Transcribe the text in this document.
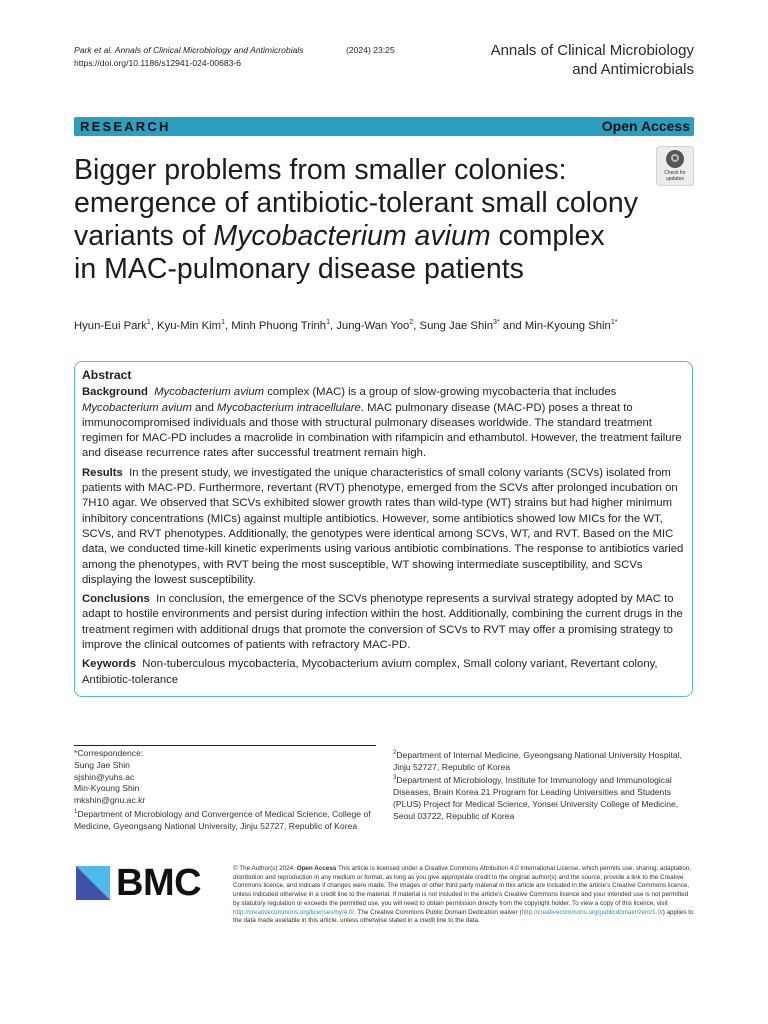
Park et al. Annals of Clinical Microbiology and Antimicrobials	(2024) 23:25
https://doi.org/10.1186/s12941-024-00683-6
Annals of Clinical Microbiology
and Antimicrobials
RESEARCH	Open Access
Check for
updates
Bigger problems from smaller colonies:
emergence of antibiotic-tolerant small colony
variants of Mycobacterium avium complex
in MAC-pulmonary disease patients
Hyun-Eui Park$^1$, Kyu-Min Kim$^1$, Minh Phuong Trinh$^1$, Jung-Wan Yoo$^2$, Sung Jae Shin$^{3*}$ and Min-Kyoung Shin$^{1*}$
Abstract

Background Mycobacterium avium complex (MAC) is a group of slow-growing mycobacteria that includes Mycobacterium avium and Mycobacterium intracellulare. MAC pulmonary disease (MAC-PD) poses a threat to immunocompromised individuals and those with structural pulmonary diseases worldwide. The standard treatment regimen for MAC-PD includes a macrolide in combination with rifampicin and ethambutol. However, the treatment failure and disease recurrence rates after successful treatment remain high.

Results In the present study, we investigated the unique characteristics of small colony variants (SCVs) isolated from patients with MAC-PD. Furthermore, revertant (RVT) phenotype, emerged from the SCVs after prolonged incubation on 7H10 agar. We observed that SCVs exhibited slower growth rates than wild-type (WT) strains but had higher minimum inhibitory concentrations (MICs) against multiple antibiotics. However, some antibiotics showed low MICs for the WT, SCVs, and RVT phenotypes. Additionally, the genotypes were identical among SCVs, WT, and RVT. Based on the MIC data, we conducted time-kill kinetic experiments using various antibiotic combinations. The response to antibiotics varied among the phenotypes, with RVT being the most susceptible, WT showing intermediate susceptibility, and SCVs displaying the lowest susceptibility.

Conclusions In conclusion, the emergence of the SCVs phenotype represents a survival strategy adopted by MAC to adapt to hostile environments and persist during infection within the host. Additionally, combining the current drugs in the treatment regimen with additional drugs that promote the conversion of SCVs to RVT may offer a promising strategy to improve the clinical outcomes of patients with refractory MAC-PD.

Keywords Non-tuberculous mycobacteria, Mycobacterium avium complex, Small colony variant, Revertant colony, Antibiotic-tolerance

*Correspondence:
Sung Jae Shin
sjshin@yuhs.ac
Min-Kyoung Shin
mkshin@gnu.ac.kr
$^1$Department of Microbiology and Convergence of Medical Science, College of Medicine, Gyeongsang National University, Jinju 52727, Republic of Korea
$^2$Department of Internal Medicine, Gyeongsang National University Hospital, Jinju 52727, Republic of Korea
$^3$Department of Microbiology, Institute for Immunology and Immunological Diseases, Brain Korea 21 Program for Leading Universities and Students (PLUS) Project for Medical Science, Yonsei University College of Medicine, Seoul 03722, Republic of Korea
BMC	© The Author(s) 2024. Open Access This article is licensed under a Creative Commons Attribution 4.0 International License, which permits use, sharing, adaptation, distribution and reproduction in any medium or format, as long as you give appropriate credit to the original author(s) and the source, provide a link to the Creative Commons licence, and indicate if changes were made. The images or other third party material in this article are included in the article’s Creative Commons licence, unless indicated otherwise in a credit line to the material. If material is not included in the article’s Creative Commons licence and your intended use is not permitted by statutory regulation or exceeds the permitted use, you will need to obtain permission directly from the copyright holder. To view a copy of this licence, visit http://creativecommons.org/licenses/by/4.0/. The Creative Commons Public Domain Dedication waiver (http://creativecommons.org/publicdomain/zero/1.0/) applies to the data made available in this article, unless otherwise stated in a credit line to the data.
